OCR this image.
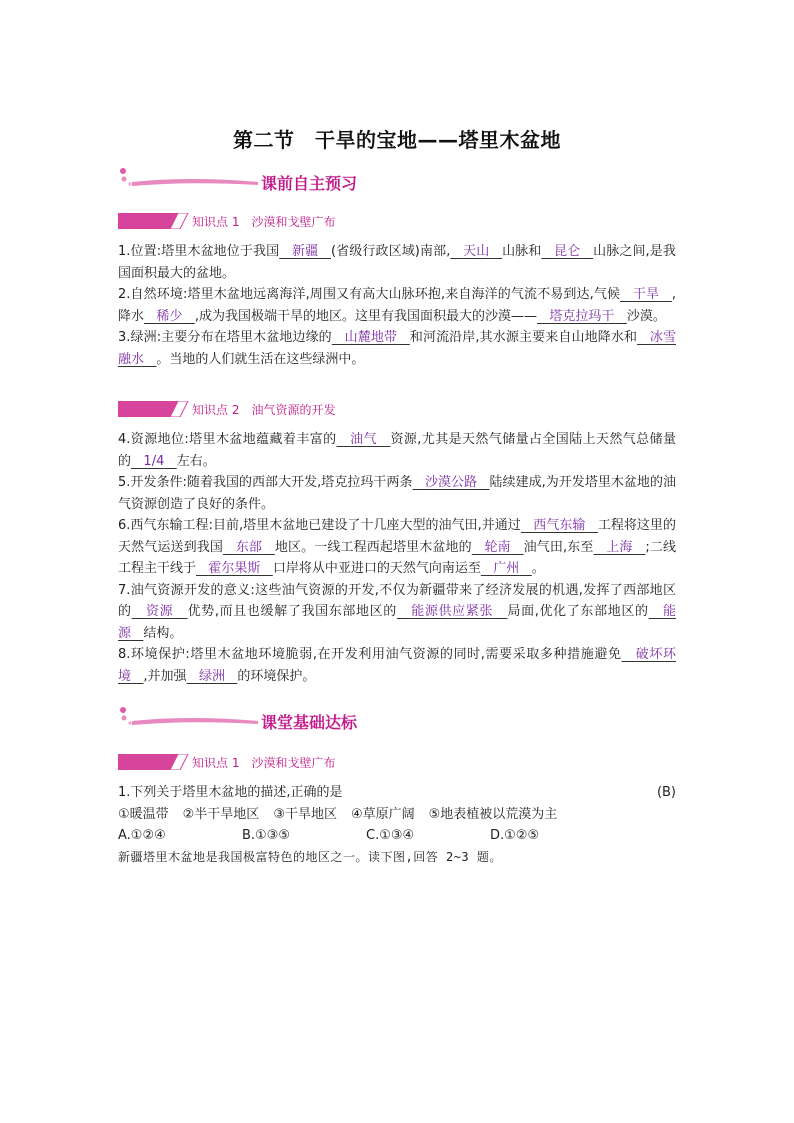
第二节　干旱的宝地——塔里木盆地
课前自主预习
知识点 1　沙漠和戈壁广布

1.位置:塔里木盆地位于我国 新疆 (省级行政区域)南部, 天山 山脉和 昆仑 山脉之间,是我国面积最大的盆地。

2.自然环境:塔里木盆地远离海洋,周围又有高大山脉环抱,来自海洋的气流不易到达,气候 干旱 ,降水 稀少 ,成为我国极端干旱的地区。这里有我国面积最大的沙漠—— 塔克拉玛干 沙漠。

3.绿洲:主要分布在塔里木盆地边缘的 山麓地带 和河流沿岸,其水源主要来自山地降水和 冰雪融水 。当地的人们就生活在这些绿洲中。

知识点 2　油气资源的开发

4.资源地位:塔里木盆地蕴藏着丰富的 油气 资源,尤其是天然气储量占全国陆上天然气总储量的 1/4 左右。

5.开发条件:随着我国的西部大开发,塔克拉玛干两条 沙漠公路 陆续建成,为开发塔里木盆地的油气资源创造了良好的条件。

6.西气东输工程:目前,塔里木盆地已建设了十几座大型的油气田,并通过 西气东输 工程将这里的天然气运送到我国 东部 地区。一线工程西起塔里木盆地的 轮南 油气田,东至 上海 ;二线工程主干线于 霍尔果斯 口岸将从中亚进口的天然气向南运至 广州 。

7.油气资源开发的意义:这些油气资源的开发,不仅为新疆带来了经济发展的机遇,发挥了西部地区的 资源 优势,而且也缓解了我国东部地区的 能源供应紧张 局面,优化了东部地区的 能源 结构。

8.环境保护:塔里木盆地环境脆弱,在开发利用油气资源的同时,需要采取多种措施避免 破坏环境 ,并加强 绿洲 的环境保护。

课堂基础达标
知识点 1　沙漠和戈壁广布
1.下列关于塔里木盆地的描述,正确的是	(B)
①暖温带 ②半干旱地区 ③干旱地区 ④草原广阔 ⑤地表植被以荒漠为主
A.①②④	B.①③⑤	C.①③④	D.①②⑤
新疆塔里木盆地是我国极富特色的地区之一。读下图,回答 2~3 题。
